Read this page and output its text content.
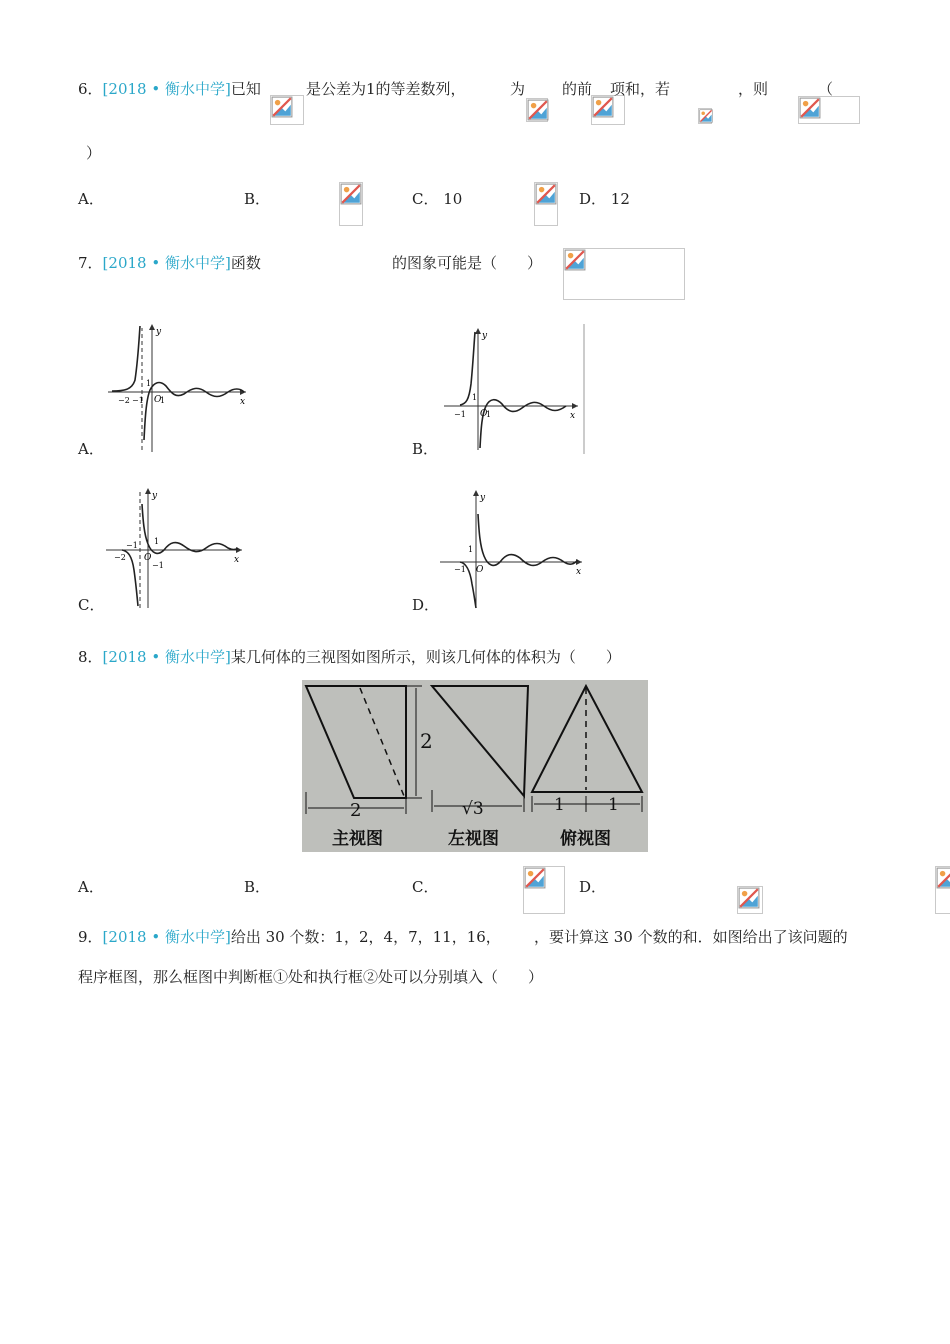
6．[2018 • 衡水中学]已知
	是公差为1的等差数列，
	为
的前
项和，若
	，则
	（
）
A．
	B．
	C． 10	D． 12
7．[2018 • 衡水中学]函数
	的图象可能是（　　）
y
x
O
1
1
−2 −1
A．
y
x
O
1
1
−1
B．
y
x
O
1
−1
−2
−1
C．
y
x
O
1
−1
D．
8．[2018 • 衡水中学]某几何体的三视图如图所示，则该几何体的体积为（　　）
2
2	√3	1	1
主视图	左视图	俯视图
A．
	B．
	C．
	D．

9．[2018 • 衡水中学]给出 30 个数：1，2，4，7，11，16， ，要计算这 30 个数的和．如图给出了该问题的
程序框图，那么框图中判断框①处和执行框②处可以分别填入（　　）
